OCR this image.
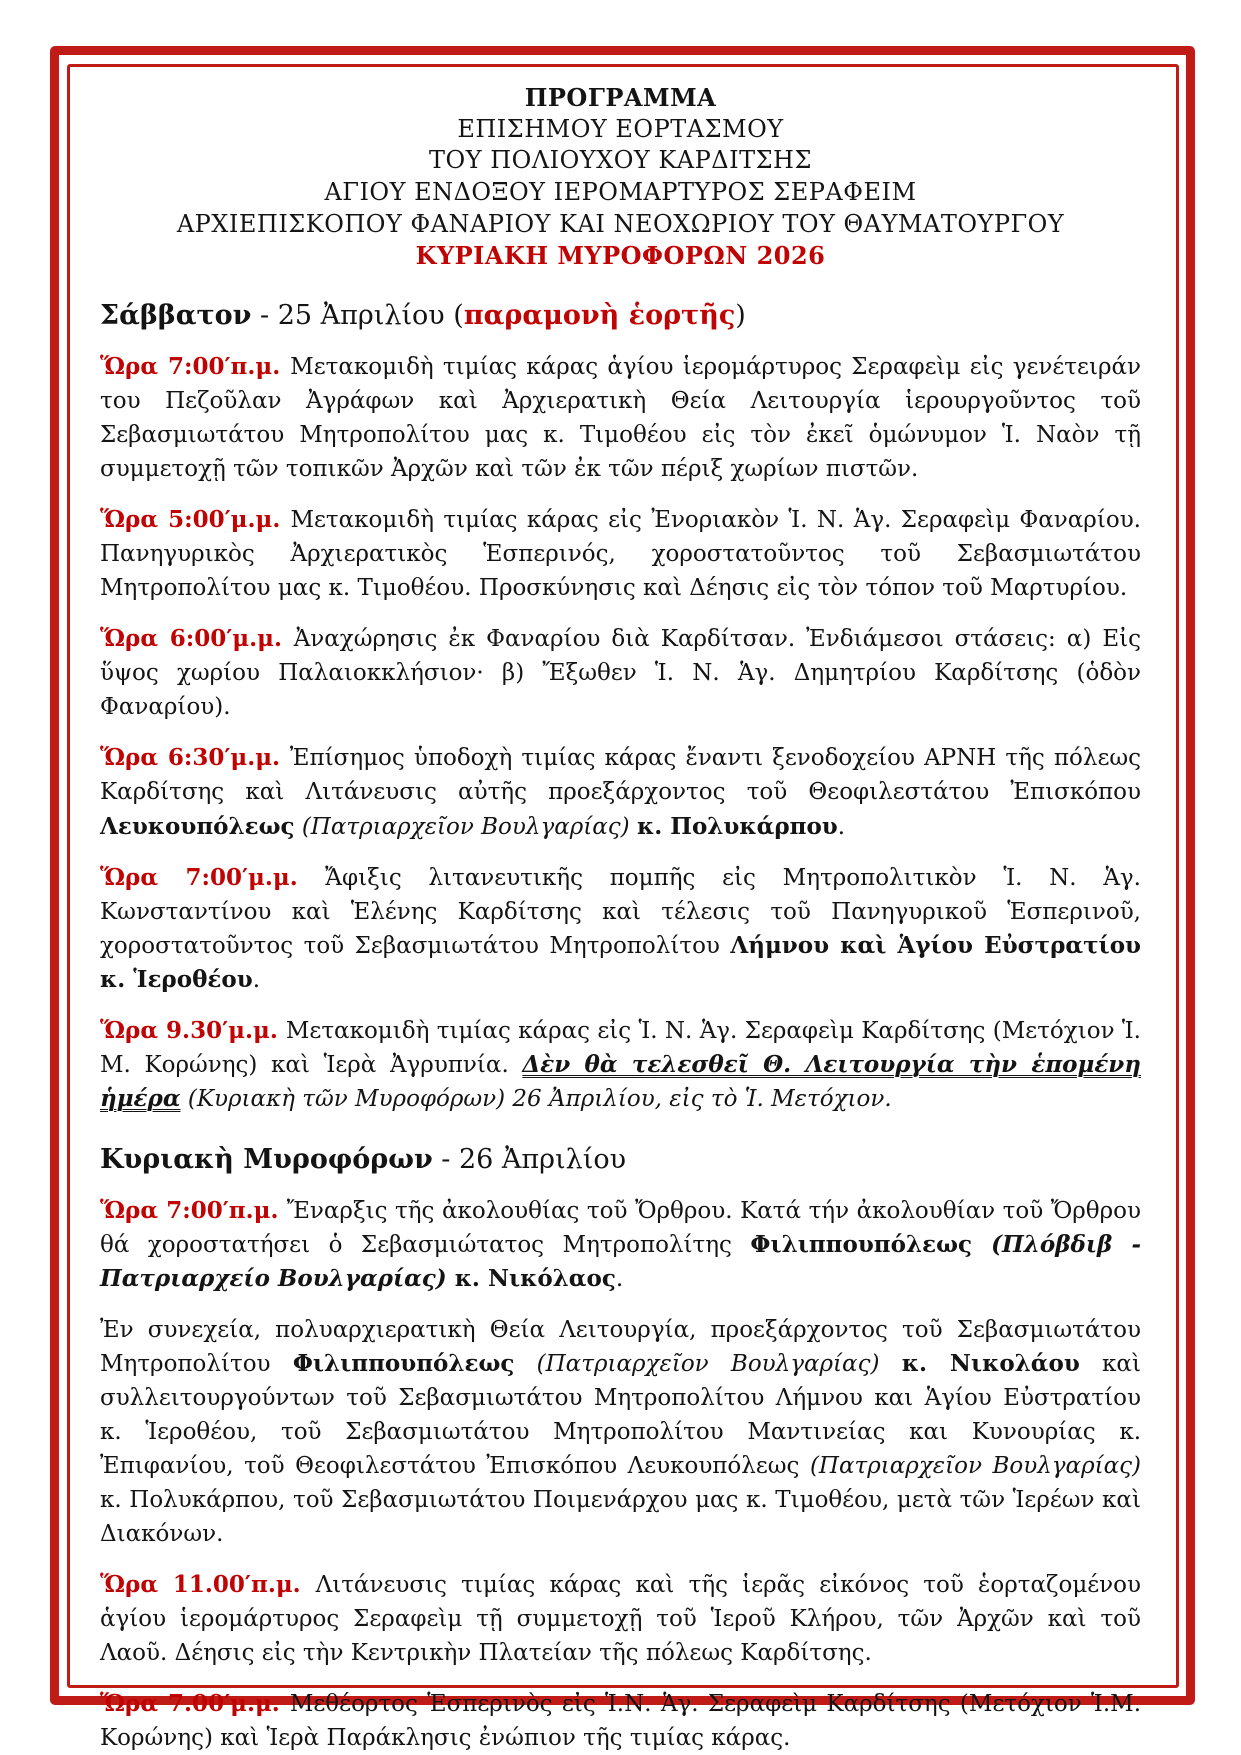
ΠΡΟΓΡΑΜΜΑ
ΕΠΙΣΗΜΟΥ ΕΟΡΤΑΣΜΟΥ
ΤΟΥ ΠΟΛΙΟΥΧΟΥ ΚΑΡΔΙΤΣΗΣ
ΑΓΙΟΥ ΕΝΔΟΞΟΥ ΙΕΡΟΜΑΡΤΥΡΟΣ ΣΕΡΑΦΕΙΜ
ΑΡΧΙΕΠΙΣΚΟΠΟΥ ΦΑΝΑΡΙΟΥ ΚΑΙ ΝΕΟΧΩΡΙΟΥ ΤΟΥ ΘΑΥΜΑΤΟΥΡΓΟΥ
ΚΥΡΙΑΚΗ ΜΥΡΟΦΟΡΩΝ 2026
Σάββατον - 25 Ἀπριλίου (παραμονὴ ἑορτῆς)
Ὥρα 7:00′π.μ. Μετακομιδὴ τιμίας κάρας ἁγίου ἱερομάρτυρος Σεραφεὶμ εἰς γενέτειράν του Πεζοῦλαν Ἀγράφων καὶ Ἀρχιερατικὴ Θεία Λειτουργία ἱερουργοῦντος τοῦ Σεβασμιωτάτου Μητροπολίτου μας κ. Τιμοθέου εἰς τὸν ἐκεῖ ὁμώνυμον Ἱ. Ναὸν τῇ συμμετοχῇ τῶν τοπικῶν Ἀρχῶν καὶ τῶν ἐκ τῶν πέριξ χωρίων πιστῶν.
Ὥρα 5:00′μ.μ. Μετακομιδὴ τιμίας κάρας εἰς Ἐνοριακὸν Ἱ. Ν. Ἁγ. Σεραφεὶμ Φαναρίου. Πανηγυρικὸς Ἀρχιερατικὸς Ἑσπερινός, χοροστατοῦντος τοῦ Σεβασμιωτάτου Μητροπολίτου μας κ. Τιμοθέου. Προσκύνησις καὶ Δέησις εἰς τὸν τόπον τοῦ Μαρτυρίου.
Ὥρα 6:00′μ.μ. Ἀναχώρησις ἐκ Φαναρίου διὰ Καρδίτσαν. Ἐνδιάμεσοι στάσεις: α) Εἰς ὕψος χωρίου Παλαιοκκλήσιον· β) Ἔξωθεν Ἱ. Ν. Ἁγ. Δημητρίου Καρδίτσης (ὁδὸν Φαναρίου).
Ὥρα 6:30′μ.μ. Ἐπίσημος ὑποδοχὴ τιμίας κάρας ἔναντι ξενοδοχείου ΑΡΝΗ τῆς πόλεως Καρδίτσης καὶ Λιτάνευσις αὐτῆς προεξάρχοντος τοῦ Θεοφιλεστάτου Ἐπισκόπου Λευκουπόλεως (Πατριαρχεῖον Βουλγαρίας) κ. Πολυκάρπου.
Ὥρα 7:00′μ.μ. Ἄφιξις λιτανευτικῆς πομπῆς εἰς Μητροπολιτικὸν Ἱ. Ν. Ἁγ. Κωνσταντίνου καὶ Ἑλένης Καρδίτσης καὶ τέλεσις τοῦ Πανηγυρικοῦ Ἑσπερινοῦ, χοροστατοῦντος τοῦ Σεβασμιωτάτου Μητροπολίτου Λήμνου καὶ Ἁγίου Εὐστρατίου κ. Ἱεροθέου.
Ὥρα 9.30′μ.μ. Μετακομιδὴ τιμίας κάρας εἰς Ἱ. Ν. Ἁγ. Σεραφεὶμ Καρδίτσης (Μετόχιον Ἱ. Μ. Κορώνης) καὶ Ἱερὰ Ἀγρυπνία. Δὲν θὰ τελεσθεῖ Θ. Λειτουργία τὴν ἑπομένη ἡμέρα (Κυριακὴ τῶν Μυροφόρων) 26 Ἀπριλίου, εἰς τὸ Ἱ. Μετόχιον.
Κυριακὴ Μυροφόρων - 26 Ἀπριλίου
Ὥρα 7:00′π.μ. Ἔναρξις τῆς ἀκολουθίας τοῦ Ὄρθρου. Κατά τήν ἀκολουθίαν τοῦ Ὄρθρου θά χοροστατήσει ὁ Σεβασμιώτατος Μητροπολίτης Φιλιππουπόλεως (Πλόβδιβ - Πατριαρχείο Βουλγαρίας) κ. Νικόλαος.
Ἐν συνεχεία, πολυαρχιερατικὴ Θεία Λειτουργία, προεξάρχοντος τοῦ Σεβασμιωτάτου Μητροπολίτου Φιλιππουπόλεως (Πατριαρχεῖον Βουλγαρίας) κ. Νικολάου καὶ συλλειτουργούντων τοῦ Σεβασμιωτάτου Μητροπολίτου Λήμνου και Ἁγίου Εὐστρατίου κ. Ἱεροθέου, τοῦ Σεβασμιωτάτου Μητροπολίτου Μαντινείας και Κυνουρίας κ. Ἐπιφανίου, τοῦ Θεοφιλεστάτου Ἐπισκόπου Λευκουπόλεως (Πατριαρχεῖον Βουλγαρίας) κ. Πολυκάρπου, τοῦ Σεβασμιωτάτου Ποιμενάρχου μας κ. Τιμοθέου, μετὰ τῶν Ἱερέων καὶ Διακόνων.
Ὥρα 11.00′π.μ. Λιτάνευσις τιμίας κάρας καὶ τῆς ἱερᾶς εἰκόνος τοῦ ἑορταζομένου ἁγίου ἱερομάρτυρος Σεραφεὶμ τῇ συμμετοχῇ τοῦ Ἱεροῦ Κλήρου, τῶν Ἀρχῶν καὶ τοῦ Λαοῦ. Δέησις εἰς τὴν Κεντρικὴν Πλατείαν τῆς πόλεως Καρδίτσης.
Ὥρα 7.00′μ.μ. Μεθέορτος Ἑσπερινὸς εἰς Ἱ.Ν. Ἁγ. Σεραφεὶμ Καρδίτσης (Μετόχιον Ἱ.Μ. Κορώνης) καὶ Ἱερὰ Παράκλησις ἐνώπιον τῆς τιμίας κάρας.
